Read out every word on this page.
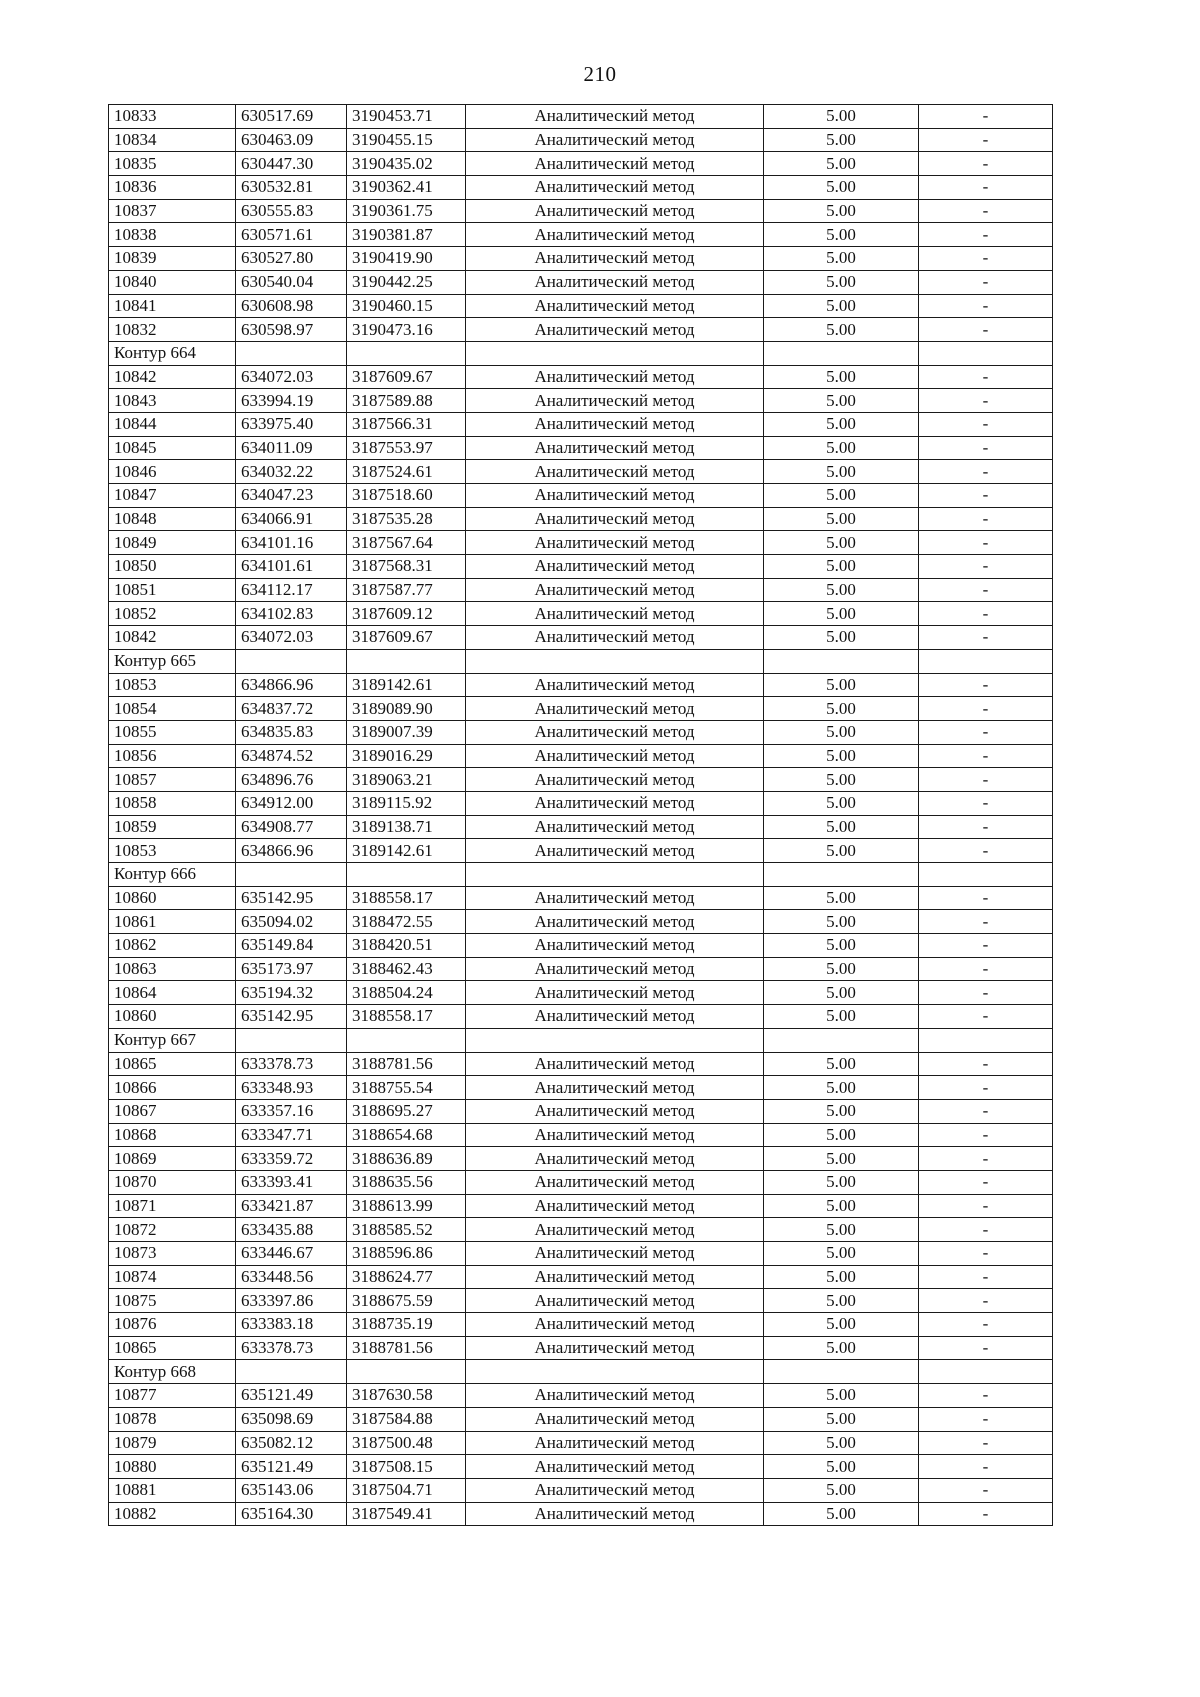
210
10833	630517.69	3190453.71	Аналитический метод	5.00	-
10834	630463.09	3190455.15	Аналитический метод	5.00	-
10835	630447.30	3190435.02	Аналитический метод	5.00	-
10836	630532.81	3190362.41	Аналитический метод	5.00	-
10837	630555.83	3190361.75	Аналитический метод	5.00	-
10838	630571.61	3190381.87	Аналитический метод	5.00	-
10839	630527.80	3190419.90	Аналитический метод	5.00	-
10840	630540.04	3190442.25	Аналитический метод	5.00	-
10841	630608.98	3190460.15	Аналитический метод	5.00	-
10832	630598.97	3190473.16	Аналитический метод	5.00	-
Контур 664					
10842	634072.03	3187609.67	Аналитический метод	5.00	-
10843	633994.19	3187589.88	Аналитический метод	5.00	-
10844	633975.40	3187566.31	Аналитический метод	5.00	-
10845	634011.09	3187553.97	Аналитический метод	5.00	-
10846	634032.22	3187524.61	Аналитический метод	5.00	-
10847	634047.23	3187518.60	Аналитический метод	5.00	-
10848	634066.91	3187535.28	Аналитический метод	5.00	-
10849	634101.16	3187567.64	Аналитический метод	5.00	-
10850	634101.61	3187568.31	Аналитический метод	5.00	-
10851	634112.17	3187587.77	Аналитический метод	5.00	-
10852	634102.83	3187609.12	Аналитический метод	5.00	-
10842	634072.03	3187609.67	Аналитический метод	5.00	-
Контур 665					
10853	634866.96	3189142.61	Аналитический метод	5.00	-
10854	634837.72	3189089.90	Аналитический метод	5.00	-
10855	634835.83	3189007.39	Аналитический метод	5.00	-
10856	634874.52	3189016.29	Аналитический метод	5.00	-
10857	634896.76	3189063.21	Аналитический метод	5.00	-
10858	634912.00	3189115.92	Аналитический метод	5.00	-
10859	634908.77	3189138.71	Аналитический метод	5.00	-
10853	634866.96	3189142.61	Аналитический метод	5.00	-
Контур 666					
10860	635142.95	3188558.17	Аналитический метод	5.00	-
10861	635094.02	3188472.55	Аналитический метод	5.00	-
10862	635149.84	3188420.51	Аналитический метод	5.00	-
10863	635173.97	3188462.43	Аналитический метод	5.00	-
10864	635194.32	3188504.24	Аналитический метод	5.00	-
10860	635142.95	3188558.17	Аналитический метод	5.00	-
Контур 667					
10865	633378.73	3188781.56	Аналитический метод	5.00	-
10866	633348.93	3188755.54	Аналитический метод	5.00	-
10867	633357.16	3188695.27	Аналитический метод	5.00	-
10868	633347.71	3188654.68	Аналитический метод	5.00	-
10869	633359.72	3188636.89	Аналитический метод	5.00	-
10870	633393.41	3188635.56	Аналитический метод	5.00	-
10871	633421.87	3188613.99	Аналитический метод	5.00	-
10872	633435.88	3188585.52	Аналитический метод	5.00	-
10873	633446.67	3188596.86	Аналитический метод	5.00	-
10874	633448.56	3188624.77	Аналитический метод	5.00	-
10875	633397.86	3188675.59	Аналитический метод	5.00	-
10876	633383.18	3188735.19	Аналитический метод	5.00	-
10865	633378.73	3188781.56	Аналитический метод	5.00	-
Контур 668					
10877	635121.49	3187630.58	Аналитический метод	5.00	-
10878	635098.69	3187584.88	Аналитический метод	5.00	-
10879	635082.12	3187500.48	Аналитический метод	5.00	-
10880	635121.49	3187508.15	Аналитический метод	5.00	-
10881	635143.06	3187504.71	Аналитический метод	5.00	-
10882	635164.30	3187549.41	Аналитический метод	5.00	-
